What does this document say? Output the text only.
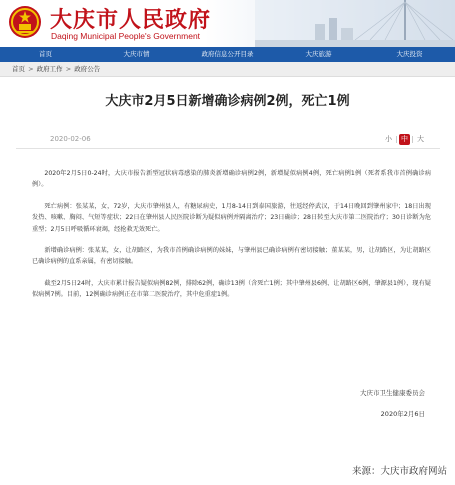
大庆市人民政府
Daqing Municipal People's Government
首页	大庆市情	政府信息公开目录	大庆旅游	大庆投资
首页 > 政府工作 > 政府公告
大庆市2月5日新增确诊病例2例，死亡1例
2020-02-06	小 中 大

2020年2月5日0-24时，大庆市报告新型冠状病毒感染的肺炎新增确诊病例2例，新增疑似病例4例，死亡病例1例（死者系我市首例确诊病例）。

死亡病例：张某某，女，72岁，大庆市肇州县人，有糖尿病史，1月8-14日到泰国旅游，往返经停武汉，于14日晚回到肇州家中；18日出现发热、咳嗽、胸闷、气短等症状；22日在肇州县人民医院诊断为疑似病例并隔离治疗；23日确诊；28日转至大庆市第二医院治疗；30日诊断为危重型；2月5日呼吸循环衰竭，经抢救无效死亡。

新增确诊病例：张某某，女，让胡路区，为我市首例确诊病例的妹妹，与肇州县已确诊病例有密切接触；董某某，男，让胡路区，为让胡路区已确诊病例的直系亲属，有密切接触。

截至2月5日24时，大庆市累计报告疑似病例82例，排除62例，确诊13例（含死亡1例；其中肇州县6例、让胡路区6例，肇源县1例），现有疑似病例7例。目前，12例确诊病例正在市第二医院治疗，其中危重症1例。

大庆市卫生健康委员会
2020年2月6日
来源：大庆市政府网站
